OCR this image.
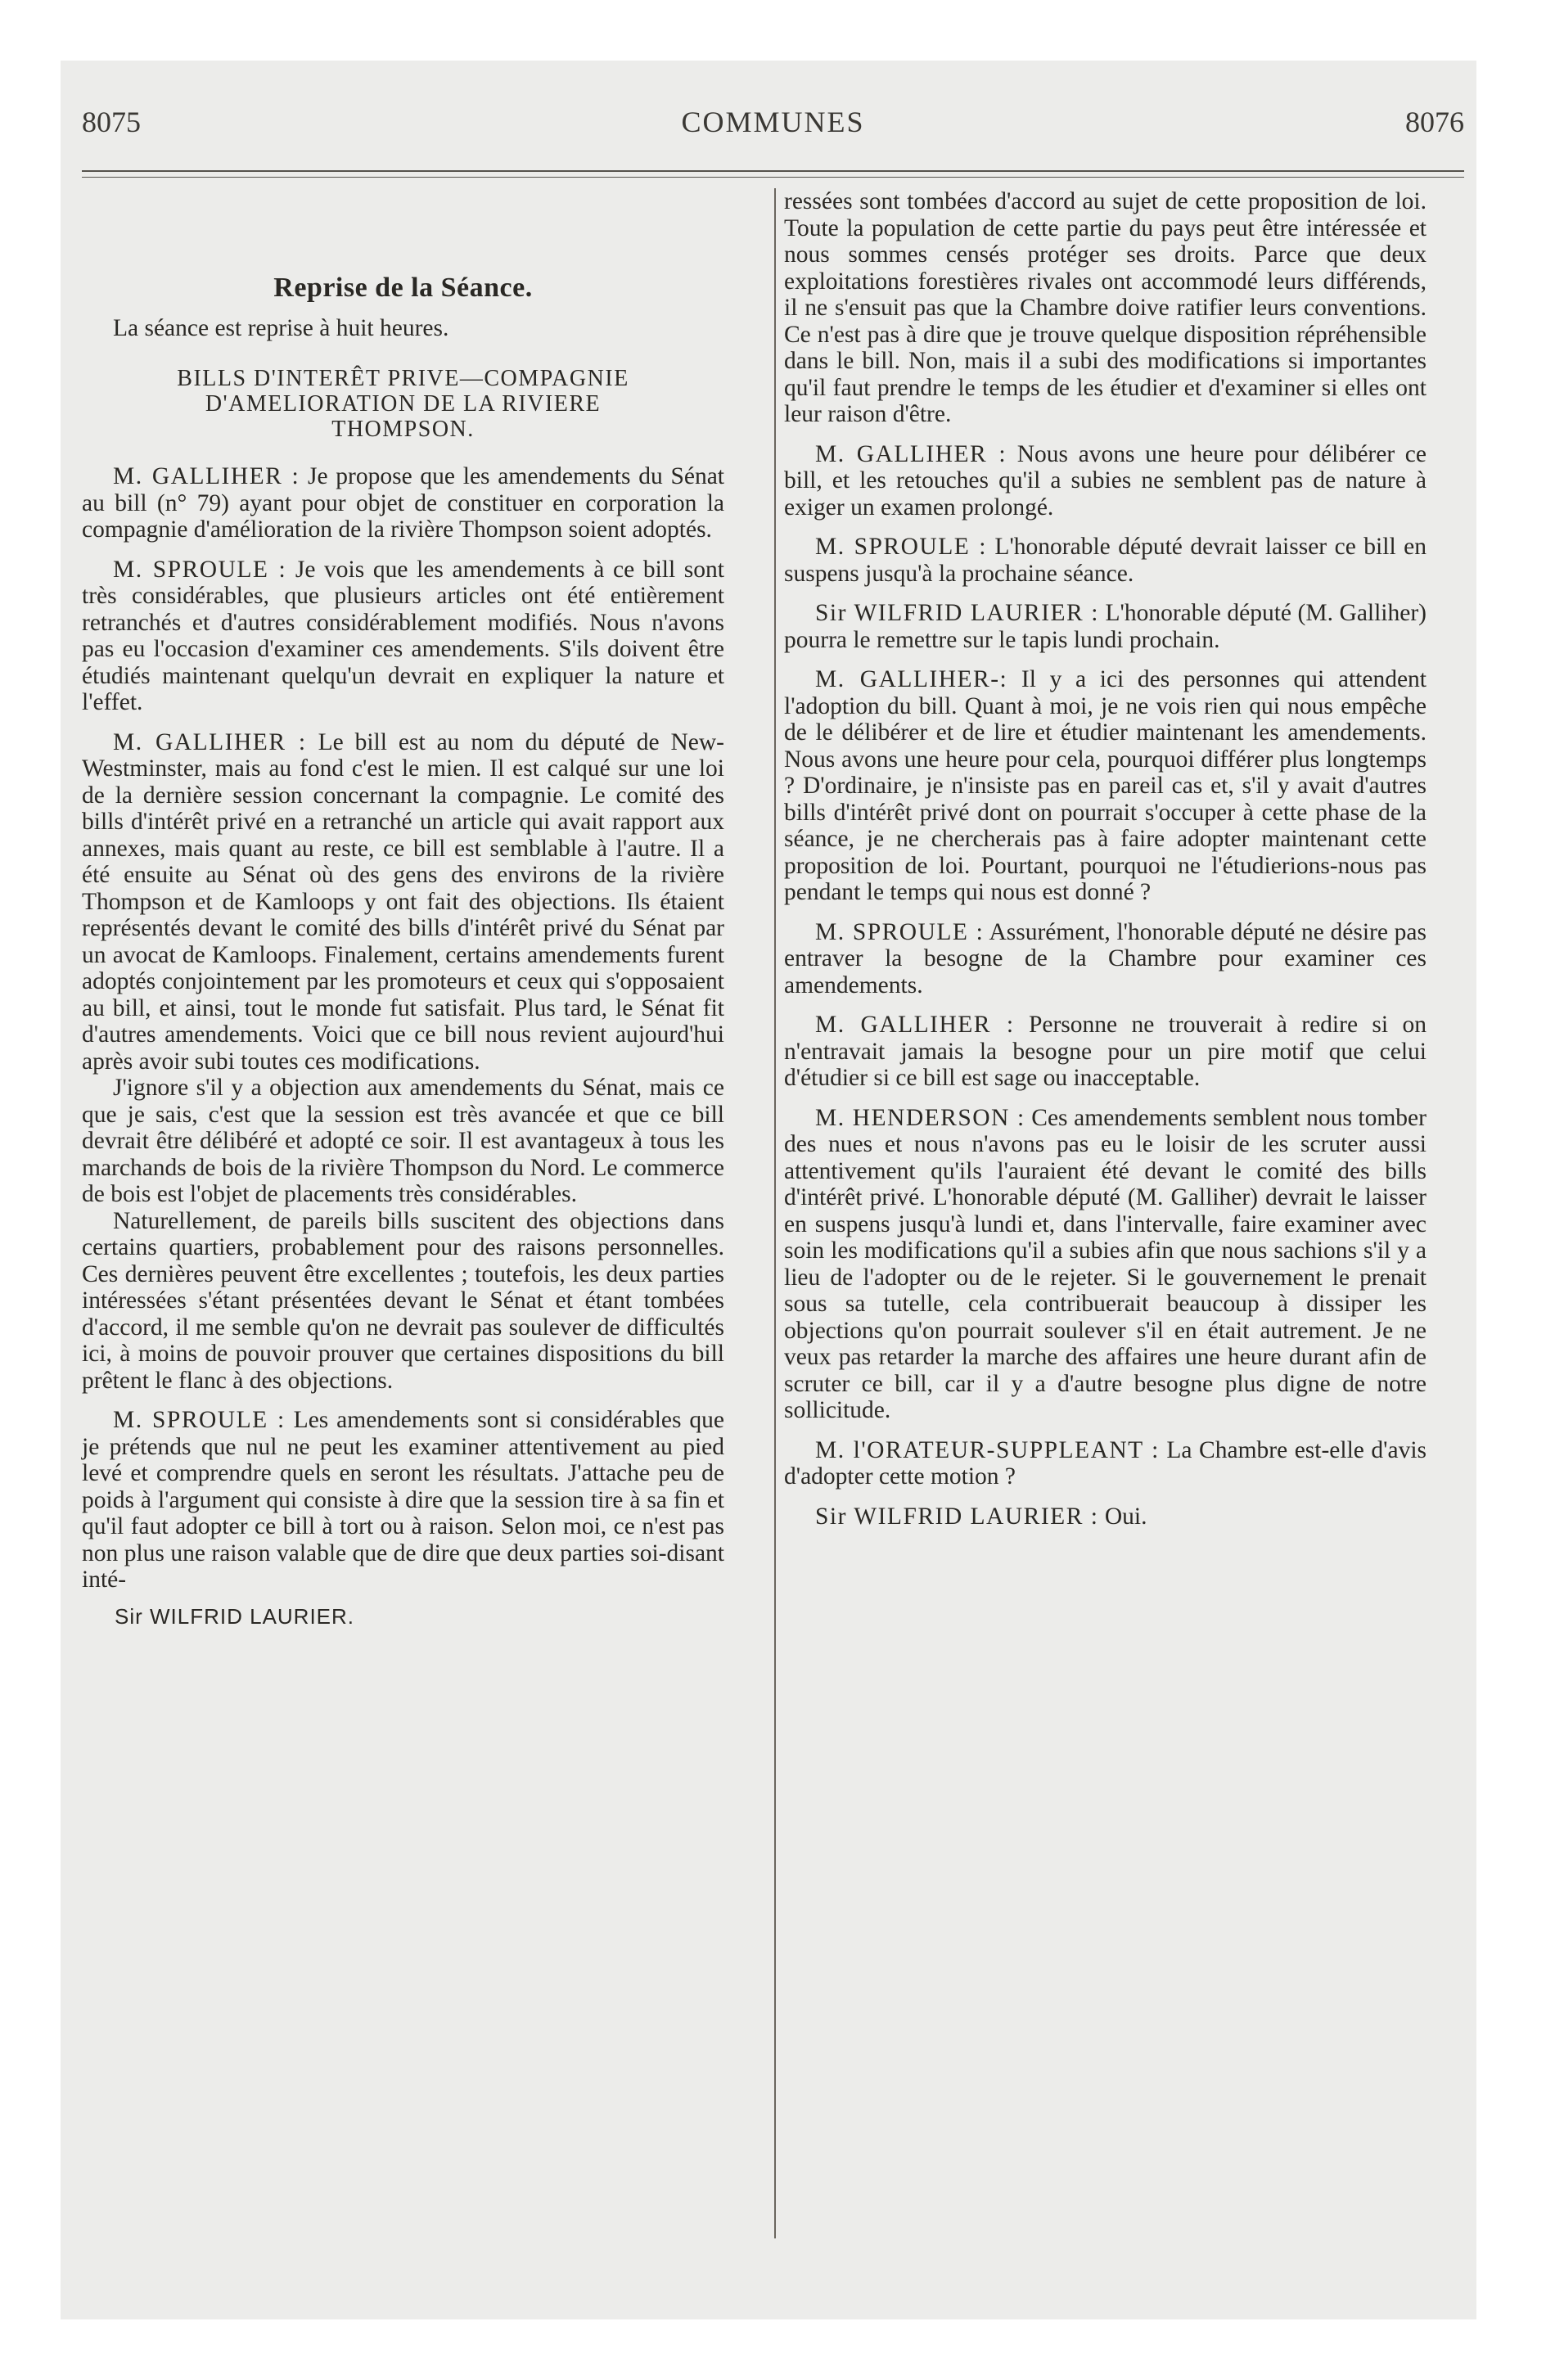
8075	COMMUNES	8076
Reprise de la Séance.

La séance est reprise à huit heures.

BILLS D'INTERÊT PRIVE—COMPAGNIE
D'AMELIORATION DE LA RIVIERE
THOMPSON.

M. GALLIHER : Je propose que les amendements du Sénat au bill (n° 79) ayant pour objet de constituer en corporation la compagnie d'amélioration de la rivière Thompson soient adoptés.

M. SPROULE : Je vois que les amendements à ce bill sont très considérables, que plusieurs articles ont été entièrement retranchés et d'autres considérablement modifiés. Nous n'avons pas eu l'occasion d'examiner ces amendements. S'ils doivent être étudiés maintenant quelqu'un devrait en expliquer la nature et l'effet.

M. GALLIHER : Le bill est au nom du député de New-Westminster, mais au fond c'est le mien. Il est calqué sur une loi de la dernière session concernant la compagnie. Le comité des bills d'intérêt privé en a retranché un article qui avait rapport aux annexes, mais quant au reste, ce bill est semblable à l'autre. Il a été ensuite au Sénat où des gens des environs de la rivière Thompson et de Kamloops y ont fait des objections. Ils étaient représentés devant le comité des bills d'intérêt privé du Sénat par un avocat de Kamloops. Finalement, certains amendements furent adoptés conjointement par les promoteurs et ceux qui s'opposaient au bill, et ainsi, tout le monde fut satisfait. Plus tard, le Sénat fit d'autres amendements. Voici que ce bill nous revient aujourd'hui après avoir subi toutes ces modifications.

J'ignore s'il y a objection aux amendements du Sénat, mais ce que je sais, c'est que la session est très avancée et que ce bill devrait être délibéré et adopté ce soir. Il est avantageux à tous les marchands de bois de la rivière Thompson du Nord. Le commerce de bois est l'objet de placements très considérables.

Naturellement, de pareils bills suscitent des objections dans certains quartiers, probablement pour des raisons personnelles. Ces dernières peuvent être excellentes ; toutefois, les deux parties intéressées s'étant présentées devant le Sénat et étant tombées d'accord, il me semble qu'on ne devrait pas soulever de difficultés ici, à moins de pouvoir prouver que certaines dispositions du bill prêtent le flanc à des objections.

M. SPROULE : Les amendements sont si considérables que je prétends que nul ne peut les examiner attentivement au pied levé et comprendre quels en seront les résultats. J'attache peu de poids à l'argument qui consiste à dire que la session tire à sa fin et qu'il faut adopter ce bill à tort ou à raison. Selon moi, ce n'est pas non plus une raison valable que de dire que deux parties soi-disant inté-

Sir WILFRID LAURIER.

ressées sont tombées d'accord au sujet de cette proposition de loi. Toute la population de cette partie du pays peut être intéressée et nous sommes censés protéger ses droits. Parce que deux exploitations forestières rivales ont accommodé leurs différends, il ne s'ensuit pas que la Chambre doive ratifier leurs conventions. Ce n'est pas à dire que je trouve quelque disposition répréhensible dans le bill. Non, mais il a subi des modifications si importantes qu'il faut prendre le temps de les étudier et d'examiner si elles ont leur raison d'être.

M. GALLIHER : Nous avons une heure pour délibérer ce bill, et les retouches qu'il a subies ne semblent pas de nature à exiger un examen prolongé.

M. SPROULE : L'honorable député devrait laisser ce bill en suspens jusqu'à la prochaine séance.

Sir WILFRID LAURIER : L'honorable député (M. Galliher) pourra le remettre sur le tapis lundi prochain.

M. GALLIHER-: Il y a ici des personnes qui attendent l'adoption du bill. Quant à moi, je ne vois rien qui nous empêche de le délibérer et de lire et étudier maintenant les amendements. Nous avons une heure pour cela, pourquoi différer plus longtemps ? D'ordinaire, je n'insiste pas en pareil cas et, s'il y avait d'autres bills d'intérêt privé dont on pourrait s'occuper à cette phase de la séance, je ne chercherais pas à faire adopter maintenant cette proposition de loi. Pourtant, pourquoi ne l'étudierions-nous pas pendant le temps qui nous est donné ?

M. SPROULE : Assurément, l'honorable député ne désire pas entraver la besogne de la Chambre pour examiner ces amendements.

M. GALLIHER : Personne ne trouverait à redire si on n'entravait jamais la besogne pour un pire motif que celui d'étudier si ce bill est sage ou inacceptable.

M. HENDERSON : Ces amendements semblent nous tomber des nues et nous n'avons pas eu le loisir de les scruter aussi attentivement qu'ils l'auraient été devant le comité des bills d'intérêt privé. L'honorable député (M. Galliher) devrait le laisser en suspens jusqu'à lundi et, dans l'intervalle, faire examiner avec soin les modifications qu'il a subies afin que nous sachions s'il y a lieu de l'adopter ou de le rejeter. Si le gouvernement le prenait sous sa tutelle, cela contribuerait beaucoup à dissiper les objections qu'on pourrait soulever s'il en était autrement. Je ne veux pas retarder la marche des affaires une heure durant afin de scruter ce bill, car il y a d'autre besogne plus digne de notre sollicitude.

M. l'ORATEUR-SUPPLEANT : La Chambre est-elle d'avis d'adopter cette motion ?

Sir WILFRID LAURIER : Oui.
